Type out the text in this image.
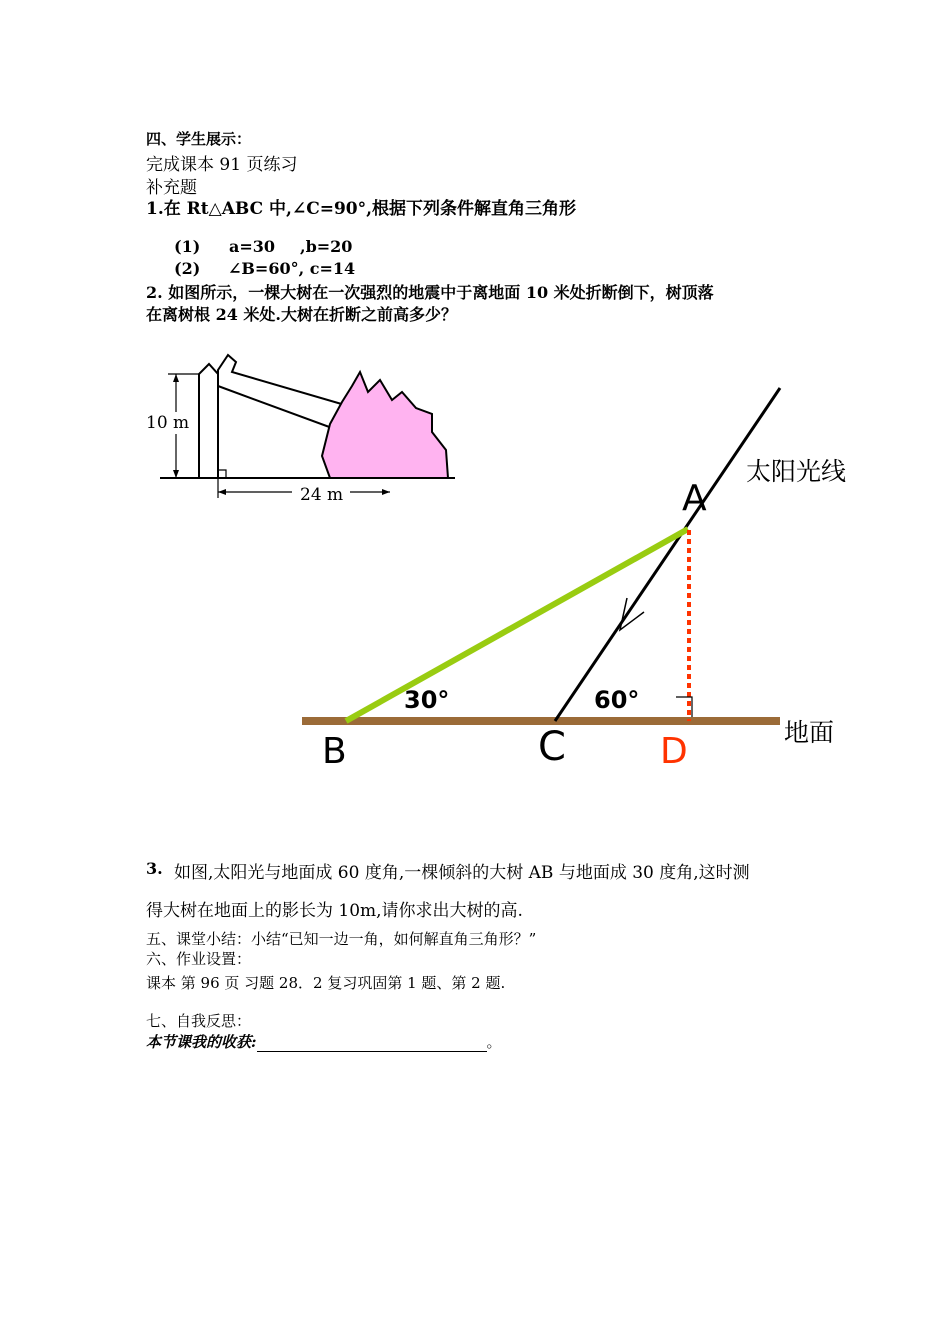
四、学生展示：
完成课本 91 页练习
补充题
1.在 Rt△ABC 中,∠C=90°,根据下列条件解直角三角形
(1) a=30 ,b=20
(2) ∠B=60°, c=14
2. 如图所示，一棵大树在一次强烈的地震中于离地面 10 米处折断倒下，树顶落
在离树根 24 米处.大树在折断之前高多少？
10 m
24 m
太阳光线
A
30°	60°
地面
B	C	D
3. 如图,太阳光与地面成 60 度角,一棵倾斜的大树 AB 与地面成 30 度角,这时测
得大树在地面上的影长为 10m,请你求出大树的高.
五、课堂小结：小结“已知一边一角，如何解直角三角形？”
六、作业设置：
课本 第 96 页 习题 28．2 复习巩固第 1 题、第 2 题.
七、自我反思：
本节课我的收获:	。
